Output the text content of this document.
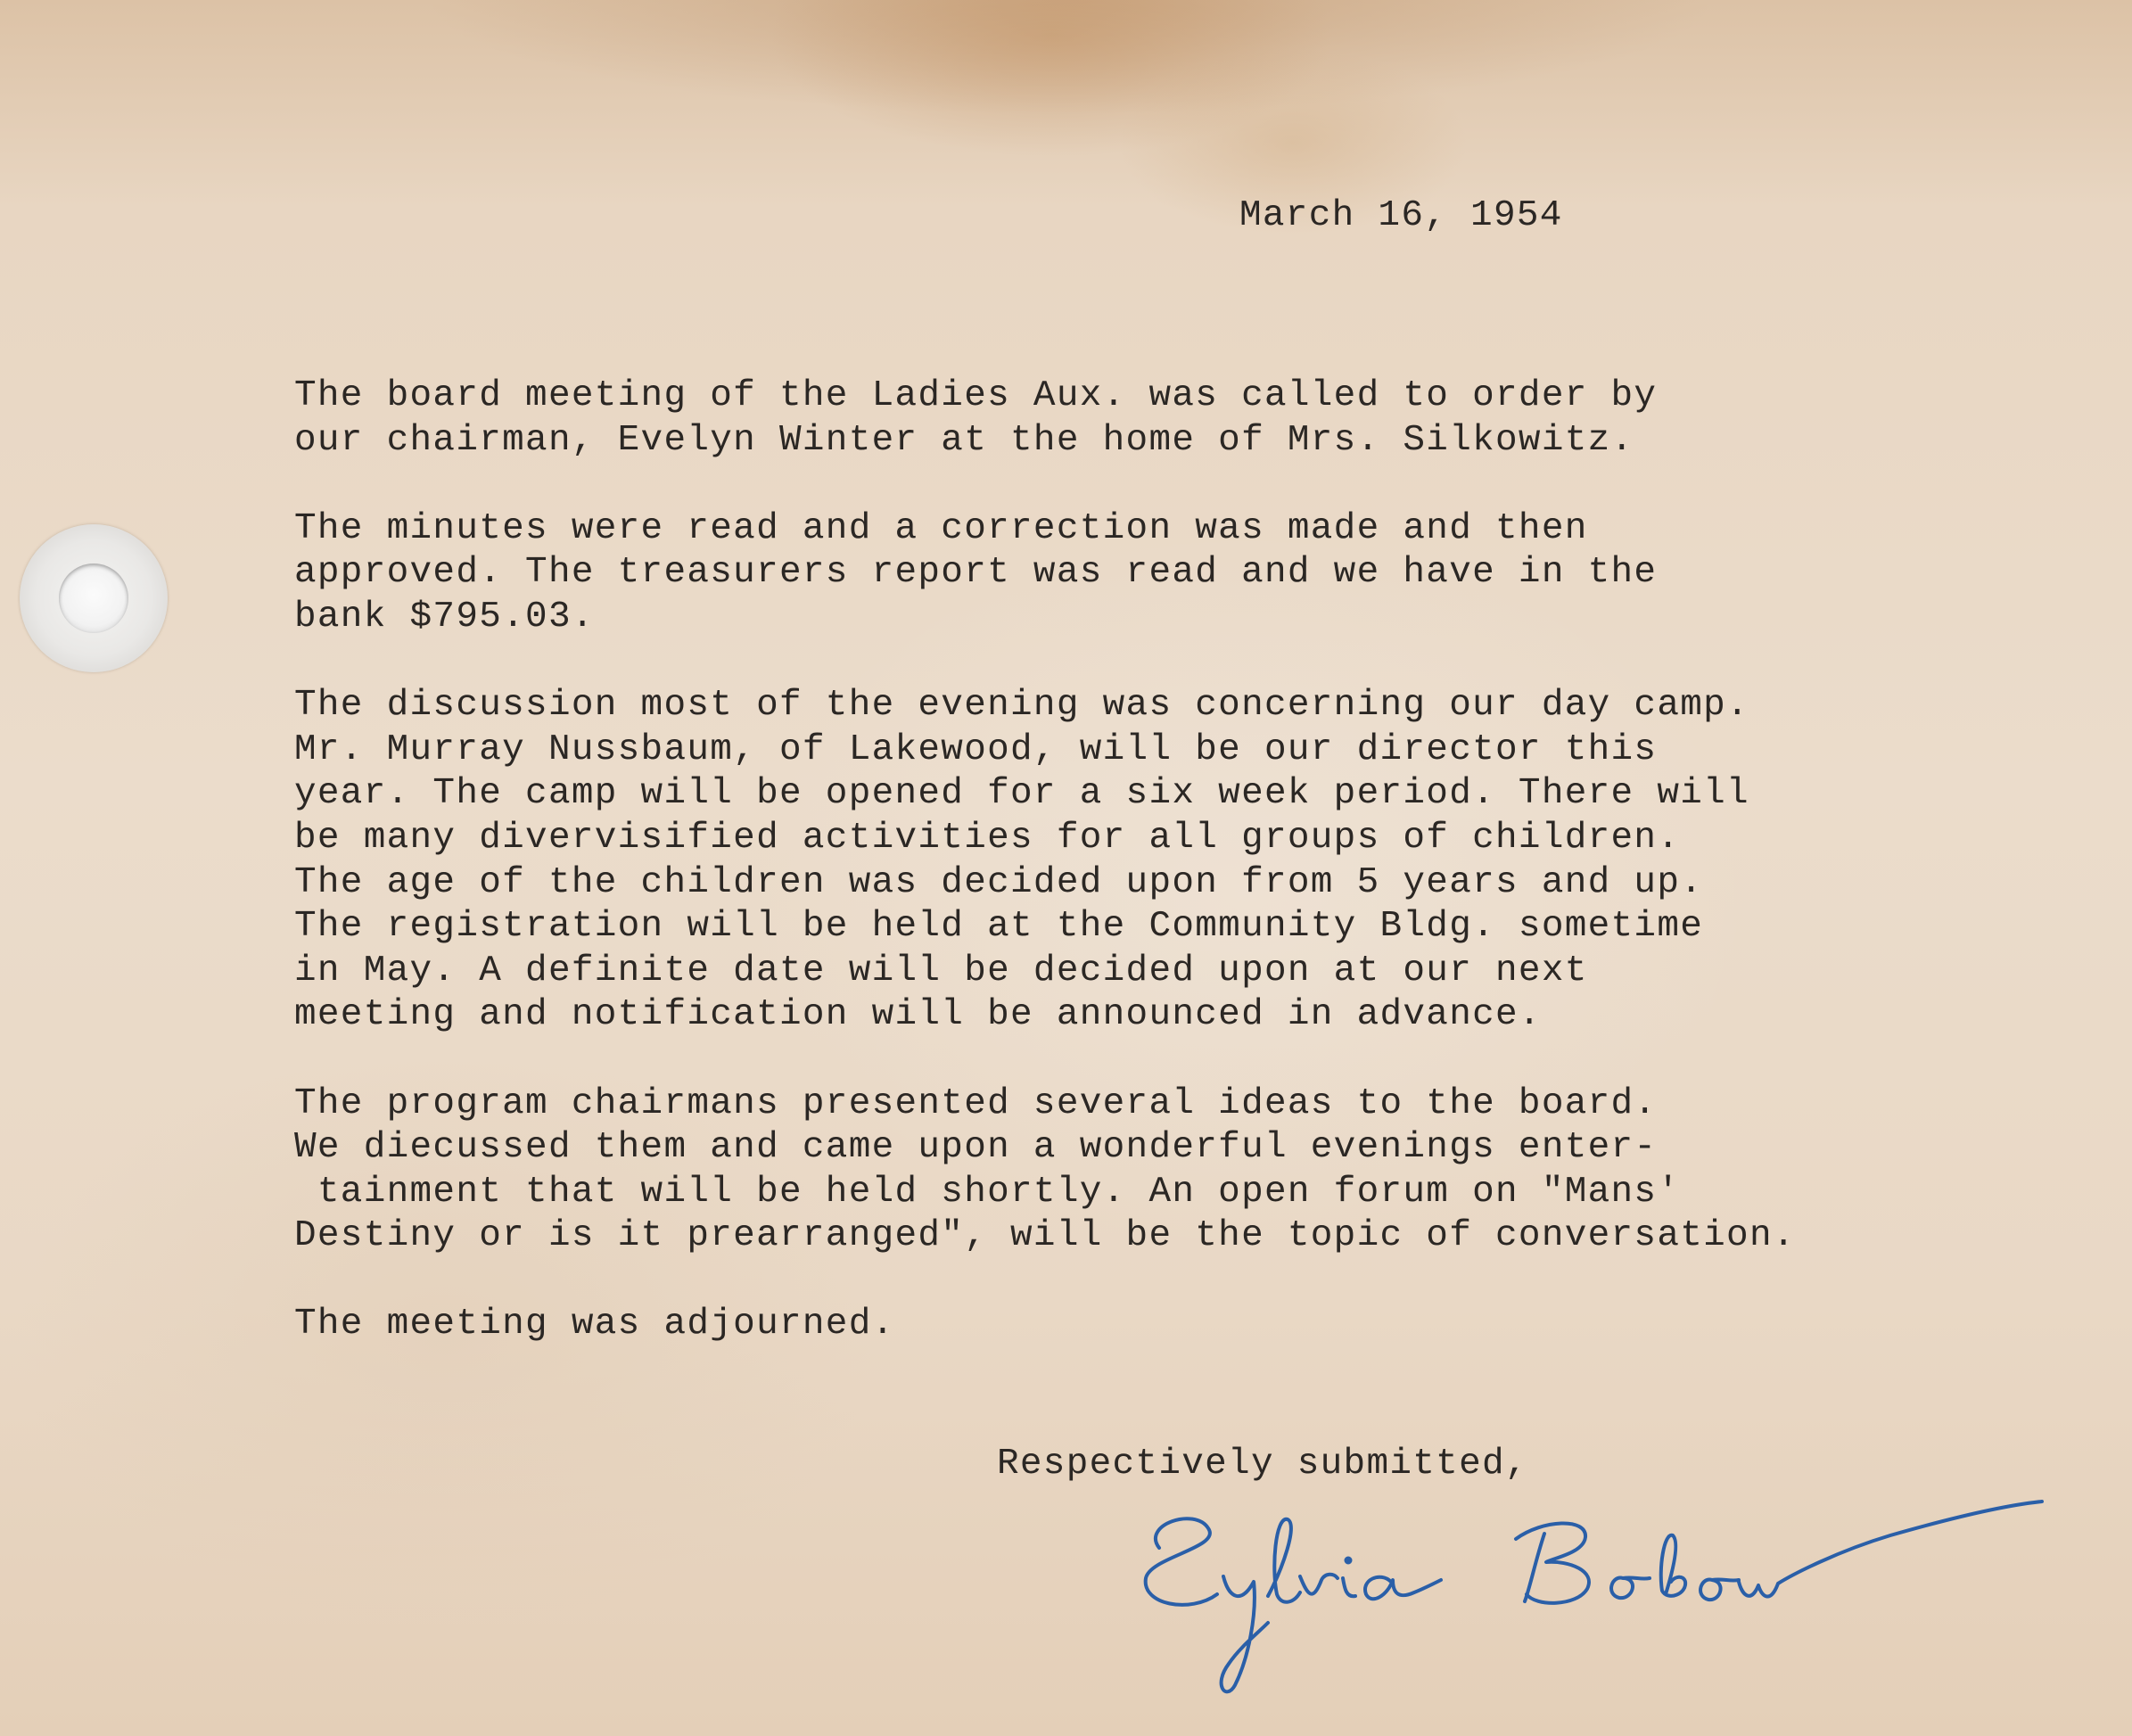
March 16, 1954

The board meeting of the Ladies Aux. was called to order by
our chairman, Evelyn Winter at the home of Mrs. Silkowitz.
The minutes were read and a correction was made and then
approved. The treasurers report was read and we have in the
bank $795.03.
The discussion most of the evening was concerning our day camp.
Mr. Murray Nussbaum, of Lakewood, will be our director this
year. The camp will be opened for a six week period. There will
be many divervisified activities for all groups of children.
The age of the children was decided upon from 5 years and up.
The registration will be held at the Community Bldg. sometime
in May. A definite date will be decided upon at our next
meeting and notification will be announced in advance.
The program chairmans presented several ideas to the board.
We diecussed them and came upon a wonderful evenings enter-
tainment that will be held shortly. An open forum on "Mans'
Destiny or is it prearranged", will be the topic of conversation.
The meeting was adjourned.

Respectively submitted,
